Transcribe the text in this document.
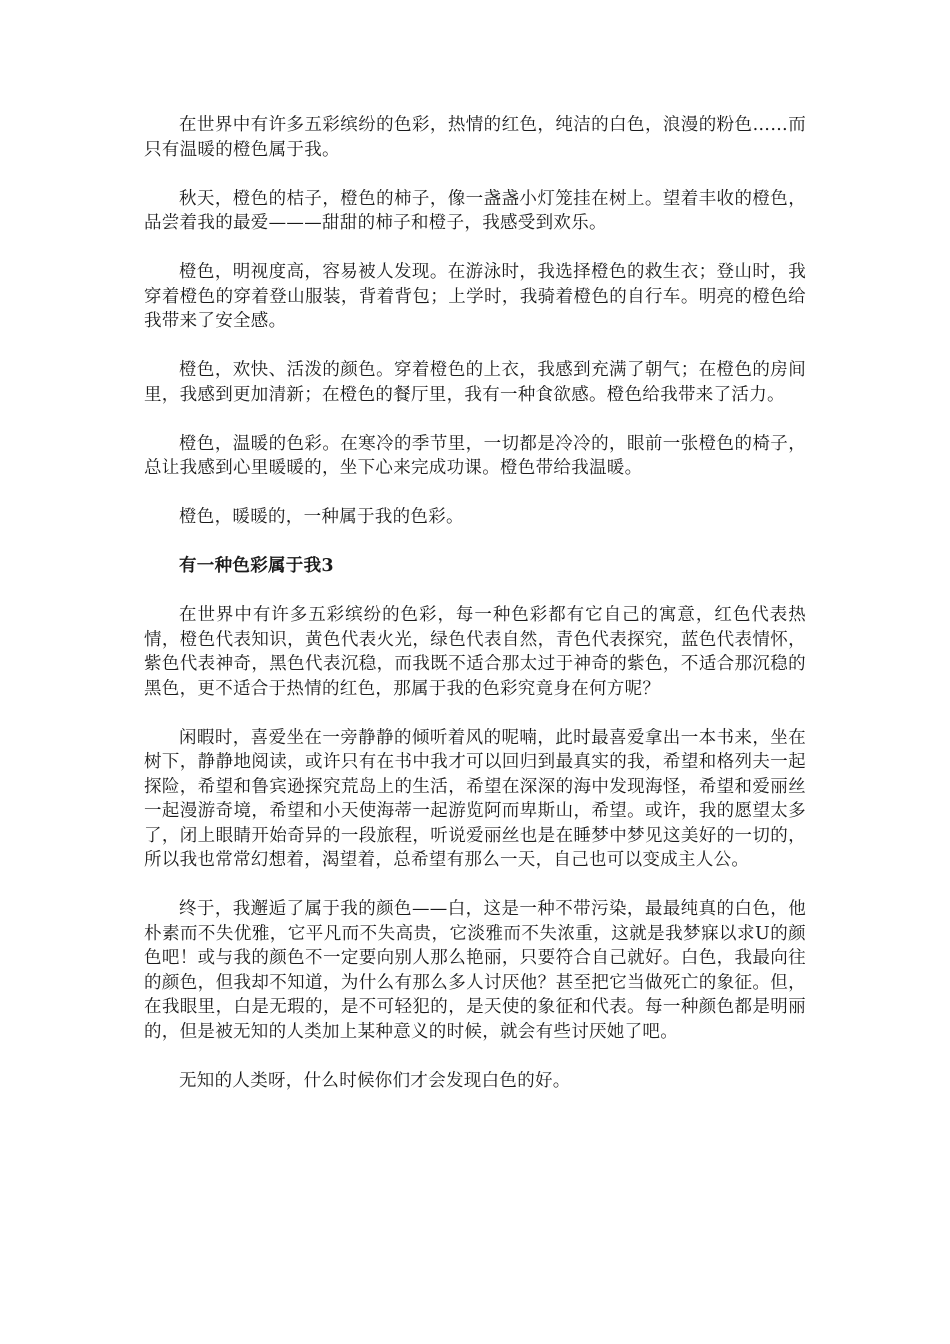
在世界中有许多五彩缤纷的色彩，热情的红色，纯洁的白色，浪漫的粉色……而只有温暖的橙色属于我。

秋天，橙色的桔子，橙色的柿子，像一盏盏小灯笼挂在树上。望着丰收的橙色，品尝着我的最爱———甜甜的柿子和橙子，我感受到欢乐。

橙色，明视度高，容易被人发现。在游泳时，我选择橙色的救生衣；登山时，我穿着橙色的穿着登山服装，背着背包；上学时，我骑着橙色的自行车。明亮的橙色给我带来了安全感。

橙色，欢快、活泼的颜色。穿着橙色的上衣，我感到充满了朝气；在橙色的房间里，我感到更加清新；在橙色的餐厅里，我有一种食欲感。橙色给我带来了活力。

橙色，温暖的色彩。在寒冷的季节里，一切都是冷冷的，眼前一张橙色的椅子，总让我感到心里暖暖的，坐下心来完成功课。橙色带给我温暖。

橙色，暖暖的，一种属于我的色彩。

有一种色彩属于我3

在世界中有许多五彩缤纷的色彩，每一种色彩都有它自己的寓意，红色代表热情，橙色代表知识，黄色代表火光，绿色代表自然，青色代表探究，蓝色代表情怀，紫色代表神奇，黑色代表沉稳，而我既不适合那太过于神奇的紫色，不适合那沉稳的黑色，更不适合于热情的红色，那属于我的色彩究竟身在何方呢？

闲暇时，喜爱坐在一旁静静的倾听着风的呢喃，此时最喜爱拿出一本书来，坐在树下，静静地阅读，或许只有在书中我才可以回归到最真实的我，希望和格列夫一起探险，希望和鲁宾逊探究荒岛上的生活，希望在深深的海中发现海怪，希望和爱丽丝一起漫游奇境，希望和小天使海蒂一起游览阿而卑斯山，希望。或许，我的愿望太多了，闭上眼睛开始奇异的一段旅程，听说爱丽丝也是在睡梦中梦见这美好的一切的，所以我也常常幻想着，渴望着，总希望有那么一天，自己也可以变成主人公。

终于，我邂逅了属于我的颜色——白，这是一种不带污染，最最纯真的白色，他朴素而不失优雅，它平凡而不失高贵，它淡雅而不失浓重，这就是我梦寐以求U的颜色吧！或与我的颜色不一定要向别人那么艳丽，只要符合自己就好。白色，我最向往的颜色，但我却不知道，为什么有那么多人讨厌他？甚至把它当做死亡的象征。但，在我眼里，白是无瑕的，是不可轻犯的，是天使的象征和代表。每一种颜色都是明丽的，但是被无知的人类加上某种意义的时候，就会有些讨厌她了吧。

无知的人类呀，什么时候你们才会发现白色的好。
